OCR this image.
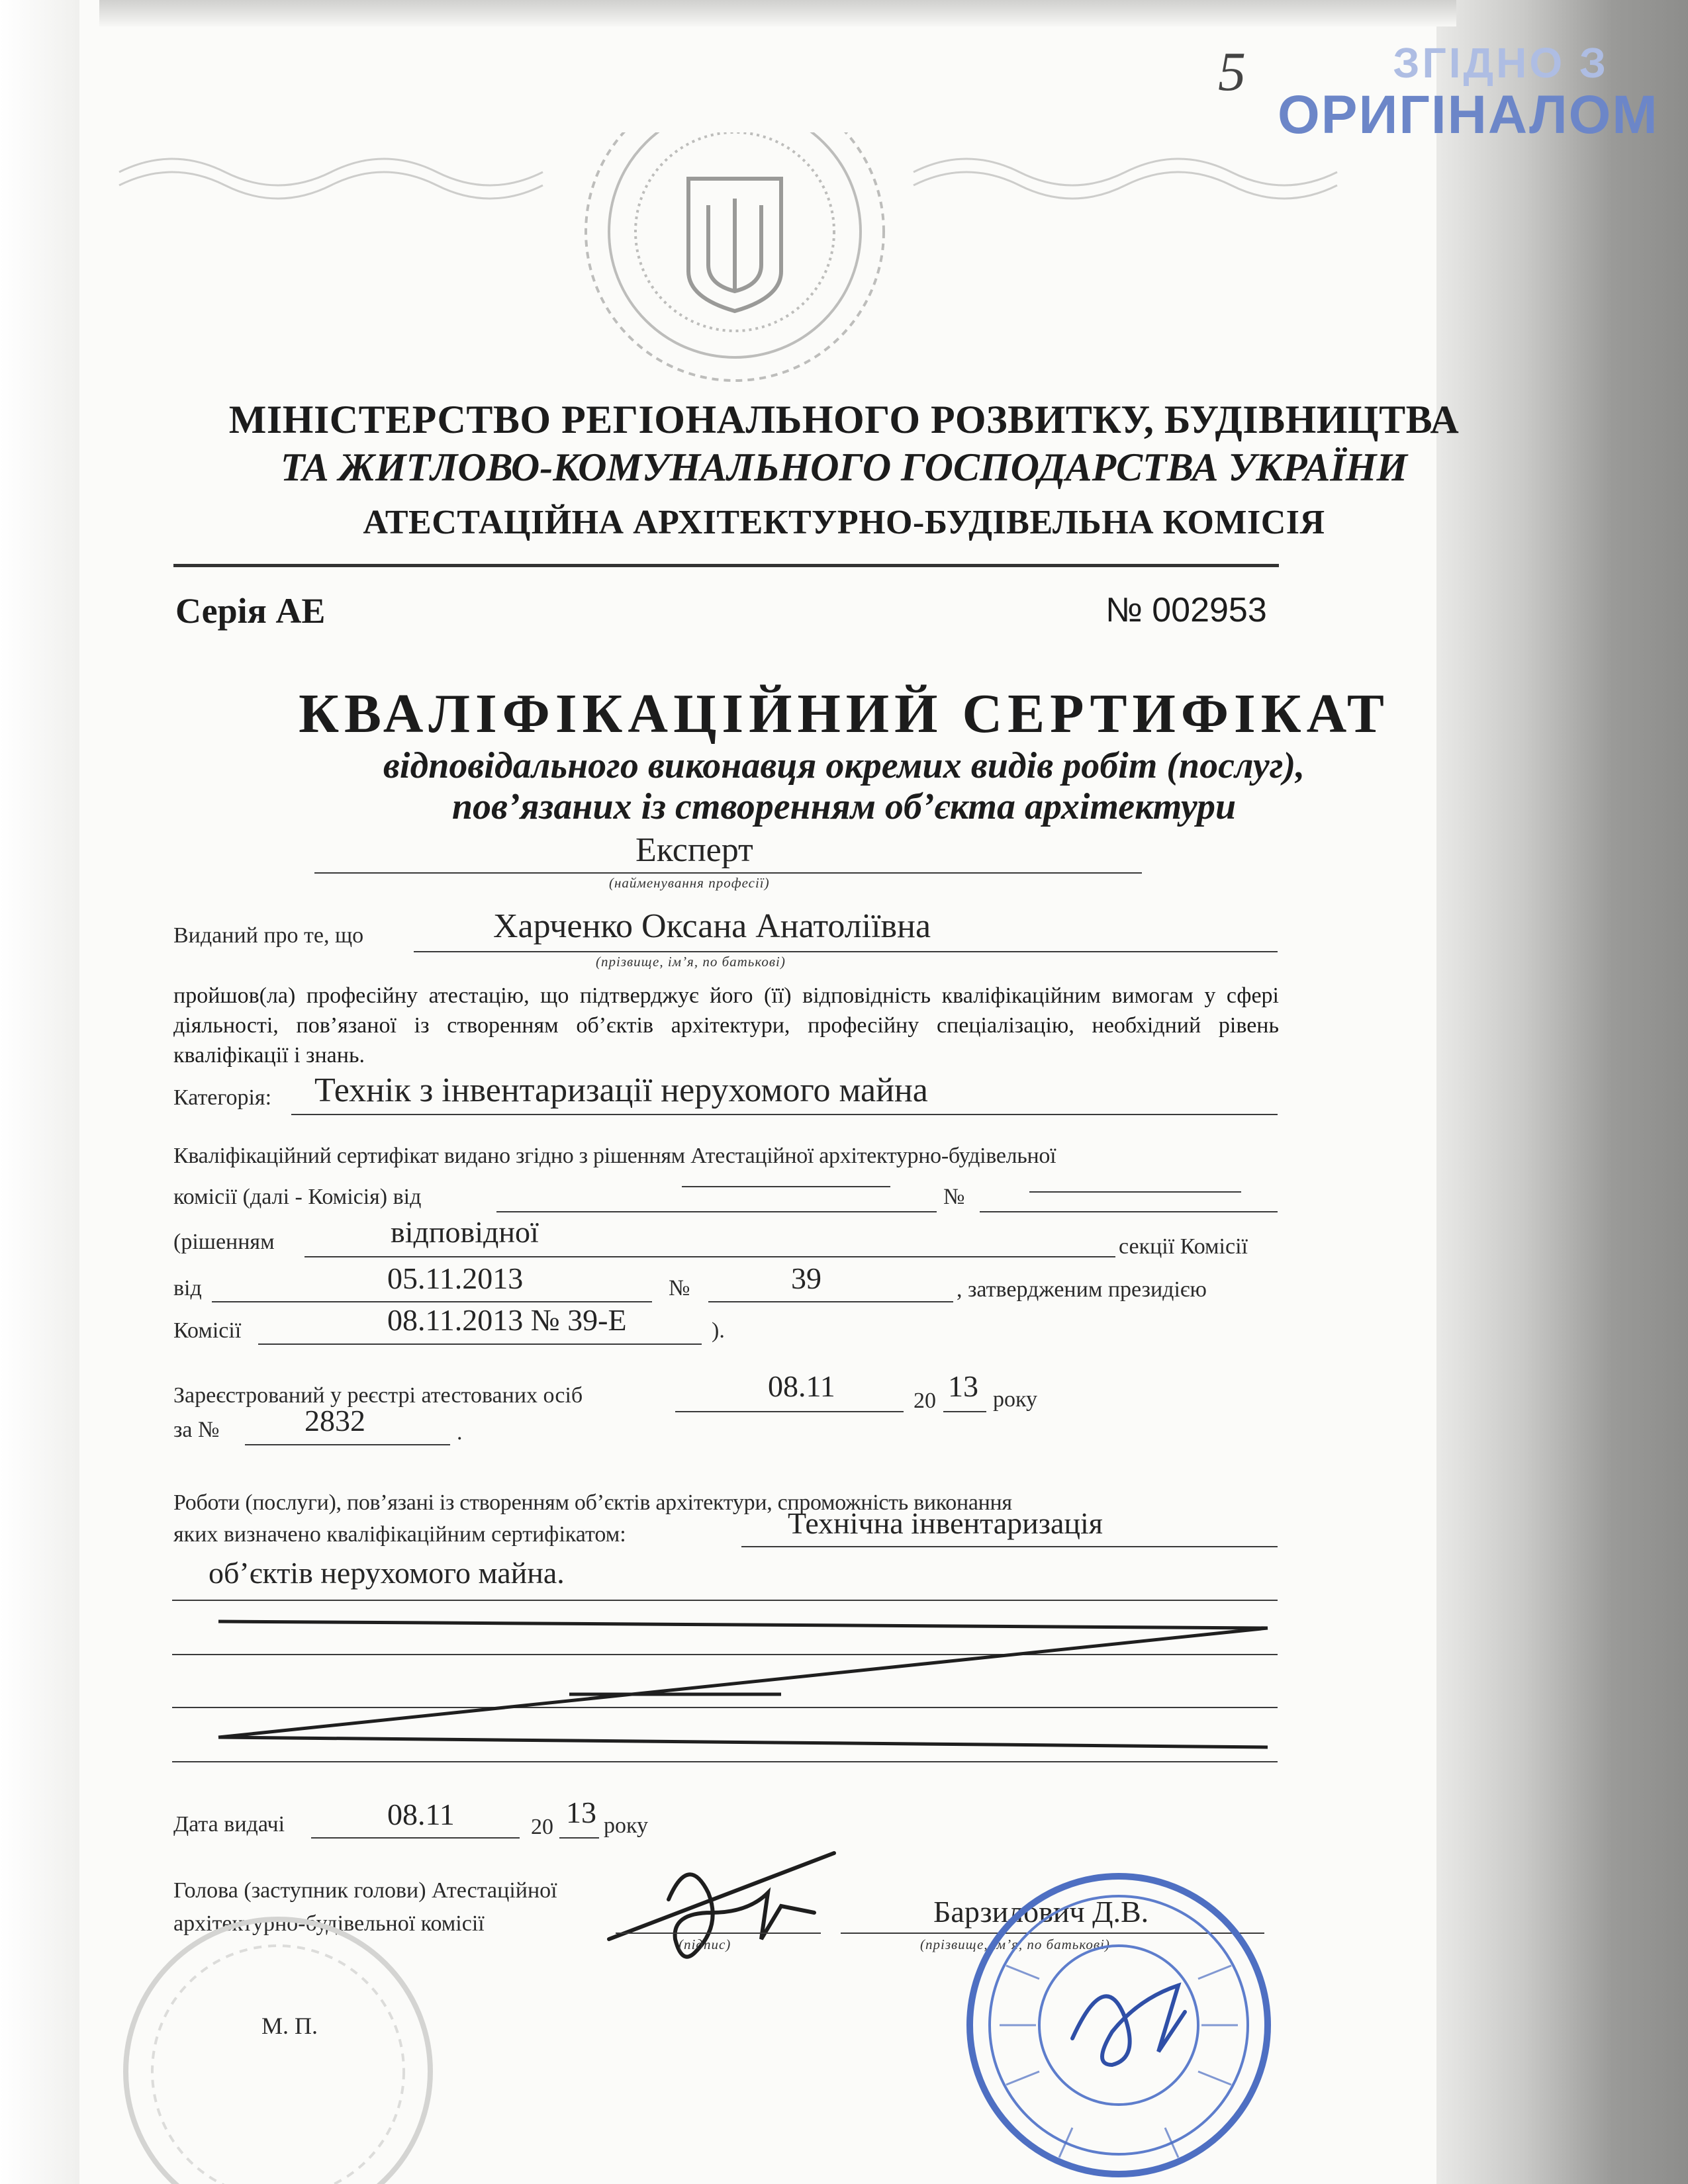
5	ЗГІДНО З
ОРИГІНАЛОМ
МІНІСТЕРСТВО РЕГІОНАЛЬНОГО РОЗВИТКУ, БУДІВНИЦТВА
ТА ЖИТЛОВО-КОМУНАЛЬНОГО ГОСПОДАРСТВА УКРАЇНИ
АТЕСТАЦІЙНА АРХІТЕКТУРНО-БУДІВЕЛЬНА КОМІСІЯ
Серія АЕ	№ 002953
КВАЛІФІКАЦІЙНИЙ СЕРТИФІКАТ
відповідального виконавця окремих видів робіт (послуг),
пов’язаних із створенням об’єкта архітектури
Експерт
(найменування професії)
Виданий про те, що	Харченко Оксана Анатоліївна
(прізвище, ім’я, по батькові)
пройшов(ла) професійну атестацію, що підтверджує його (її) відповідність кваліфікаційним вимогам у сфері діяльності, пов’язаної із створенням об’єктів архітектури, професійну спеціалізацію, необхідний рівень кваліфікації і знань.
Категорія: Технік з інвентаризації нерухомого майна
Кваліфікаційний сертифікат видано згідно з рішенням Атестаційної архітектурно-будівельної
комісії (далі - Комісія) від	№
(рішенням	відповідної	секції Комісії
від	05.11.2013	№	39	, затвердженим президією
Комісії	08.11.2013 № 39-Е	).
Зареєстрований у реєстрі атестованих осіб	08.11	20 13 року
за №	2832	.
Роботи (послуги), пов’язані із створенням об’єктів архітектури, спроможність виконання
яких визначено кваліфікаційним сертифікатом:	Технічна інвентаризація
об’єктів нерухомого майна.
Дата видачі	08.11	20 13 року
Голова (заступник голови) Атестаційної
архітектурно-будівельної комісії
(підпис)
Барзилович Д.В.
(прізвище, ім’я, по батькові)
М. П.
